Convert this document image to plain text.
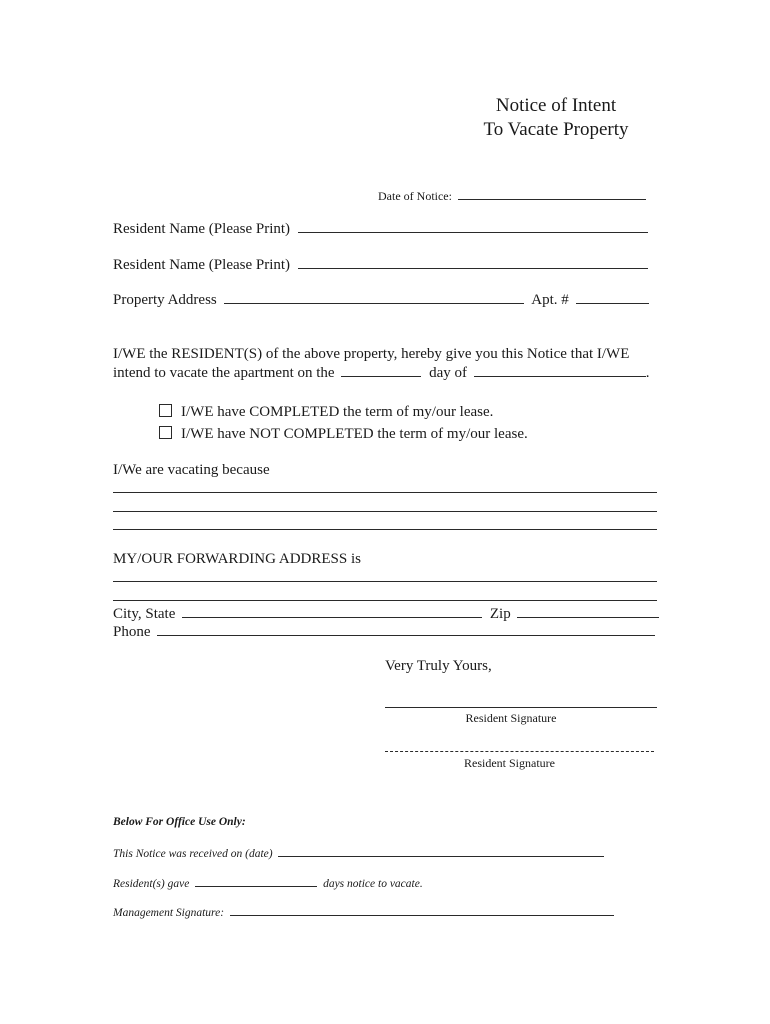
Notice of Intent
To Vacate Property
Date of Notice:
Resident Name (Please Print)
Resident Name (Please Print)
Property Address	Apt. #
I/WE the RESIDENT(S) of the above property, hereby give you this Notice that I/WE
intend to vacate the apartment on the	day of	.
I/WE have COMPLETED the term of my/our lease.
I/WE have NOT COMPLETED the term of my/our lease.
I/We are vacating because
MY/OUR FORWARDING ADDRESS is
City, State	Zip
Phone
Very Truly Yours,
Resident Signature
Resident Signature
Below For Office Use Only:
This Notice was received on (date)
Resident(s) gave	days notice to vacate.
Management Signature:
